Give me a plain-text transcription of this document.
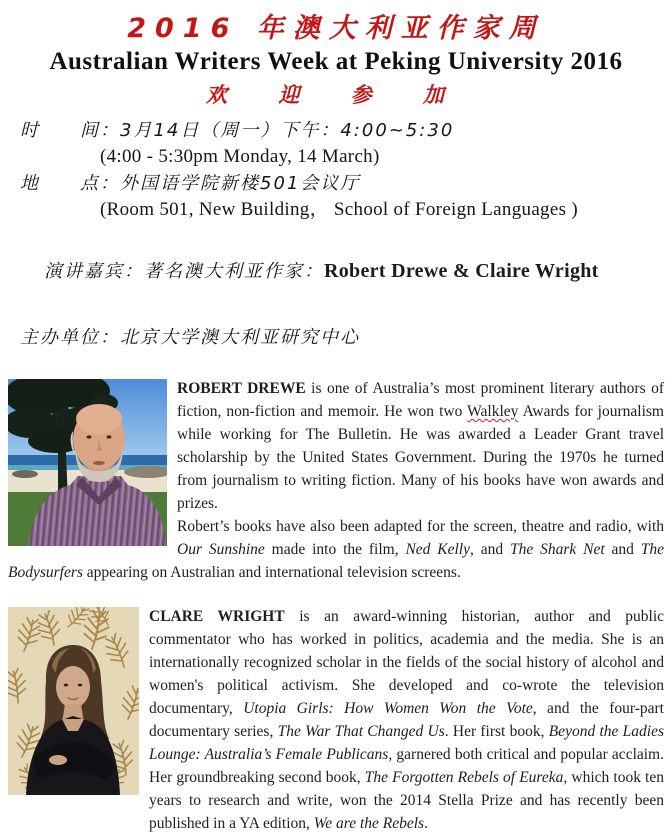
2016 年澳大利亚作家周
Australian Writers Week at Peking University 2016
欢 迎 参 加
时　　间：3月14日（周一）下午：4:00~5:30
(4:00 - 5:30pm Monday, 14 March)
地　　点：外国语学院新楼501会议厅
(Room 501, New Building， School of Foreign Languages )

演讲嘉宾：著名澳大利亚作家：Robert Drewe & Claire Wright

主办单位：北京大学澳大利亚研究中心

ROBERT DREWE is one of Australia’s most prominent literary authors of fiction, non-fiction and memoir. He won two Walkley Awards for journalism while working for The Bulletin. He was awarded a Leader Grant travel scholarship by the United States Government. During the 1970s he turned from journalism to writing fiction. Many of his books have won awards and prizes.

Robert’s books have also been adapted for the screen, theatre and radio, with Our Sunshine made into the film, Ned Kelly, and The Shark Net and The Bodysurfers appearing on Australian and international television screens.

CLARE WRIGHT is an award-winning historian, author and public commentator who has worked in politics, academia and the media. She is an internationally recognized scholar in the fields of the social history of alcohol and women's political activism. She developed and co-wrote the television documentary, Utopia Girls: How Women Won the Vote, and the four-part documentary series, The War That Changed Us. Her first book, Beyond the Ladies Lounge: Australia’s Female Publicans, garnered both critical and popular acclaim. Her groundbreaking second book, The Forgotten Rebels of Eureka, which took ten years to research and write, won the 2014 Stella Prize and has recently been published in a YA edition, We are the Rebels.
